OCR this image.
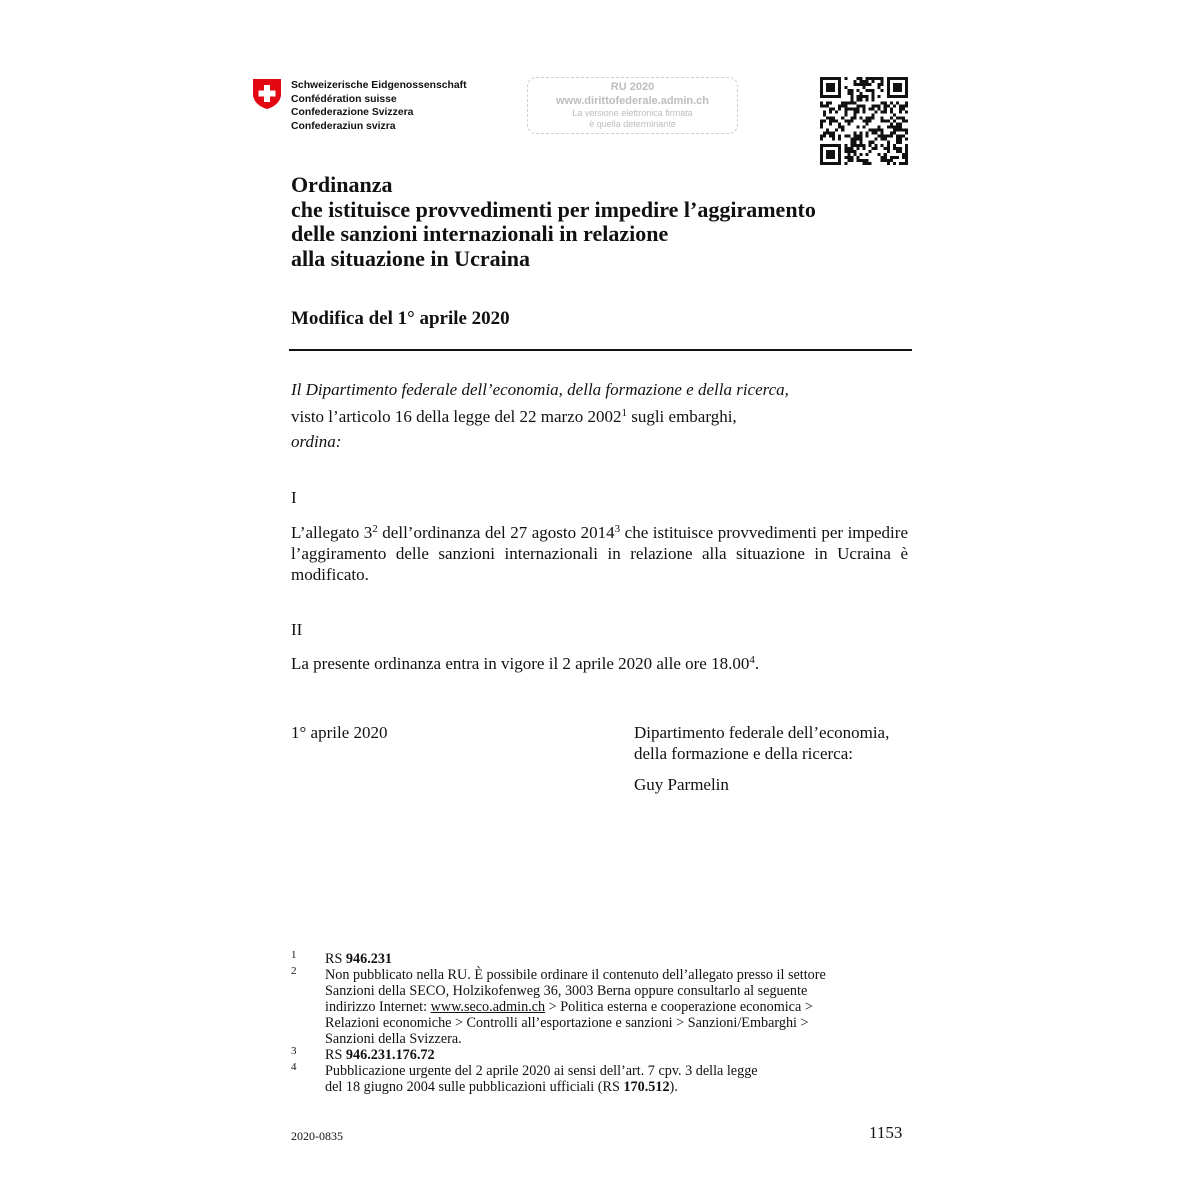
Schweizerische Eidgenossenschaft
Confédération suisse
Confederazione Svizzera
Confederaziun svizra
RU 2020
www.dirittofederale.admin.ch
La versione elettronica firmata
è quella determinante
Ordinanza
che istituisce provvedimenti per impedire l’aggiramento
delle sanzioni internazionali in relazione
alla situazione in Ucraina
Modifica del 1° aprile 2020
Il Dipartimento federale dell’economia, della formazione e della ricerca,
visto l’articolo 16 della legge del 22 marzo 2002$^1$ sugli embarghi,
ordina:
I
L’allegato 3$^2$ dell’ordinanza del 27 agosto 2014$^3$ che istituisce provvedimenti per impedire l’aggiramento delle sanzioni internazionali in relazione alla situazione in Ucraina è modificato.
II
La presente ordinanza entra in vigore il 2 aprile 2020 alle ore 18.00$^4$.
1° aprile 2020	Dipartimento federale dell’economia,
della formazione e della ricerca:
Guy Parmelin
1 RS 946.231
2 Non pubblicato nella RU. È possibile ordinare il contenuto dell’allegato presso il settore
Sanzioni della SECO, Holzikofenweg 36, 3003 Berna oppure consultarlo al seguente
indirizzo Internet: www.seco.admin.ch > Politica esterna e cooperazione economica >
Relazioni economiche > Controlli all’esportazione e sanzioni > Sanzioni/Embarghi >
Sanzioni della Svizzera.
3 RS 946.231.176.72
4 Pubblicazione urgente del 2 aprile 2020 ai sensi dell’art. 7 cpv. 3 della legge
del 18 giugno 2004 sulle pubblicazioni ufficiali (RS 170.512).
2020-0835	1153
